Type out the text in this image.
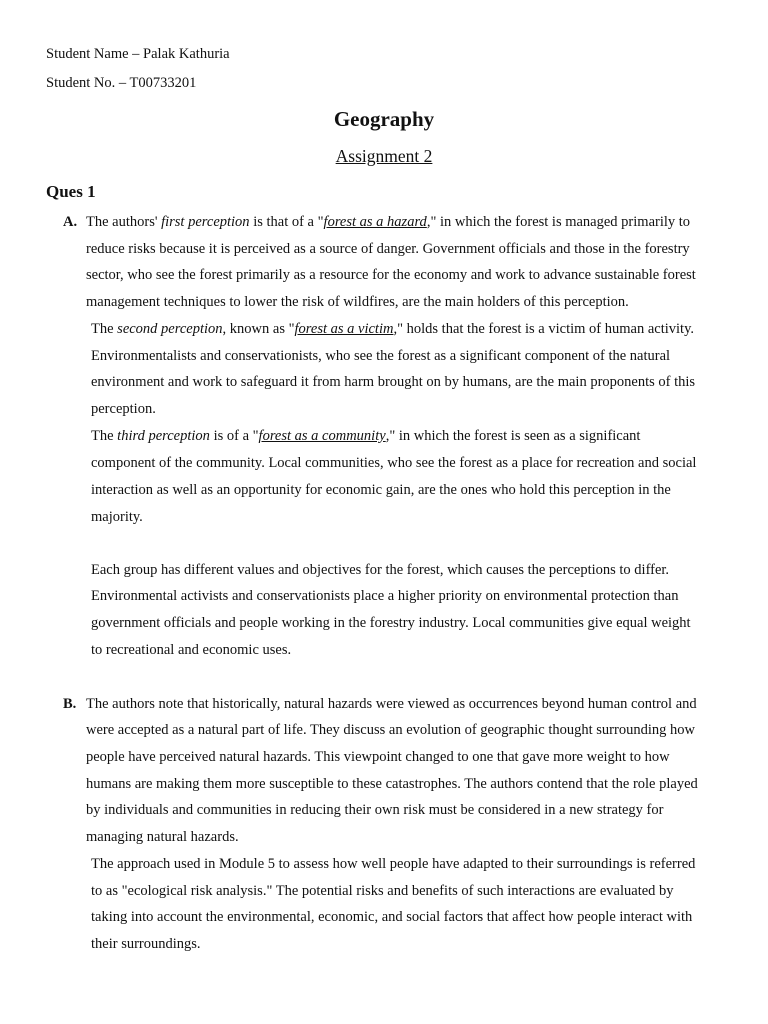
Student Name – Palak Kathuria
Student No. – T00733201
Geography
Assignment 2
Ques 1
A. The authors' first perception is that of a "forest as a hazard," in which the forest is managed primarily to
reduce risks because it is perceived as a source of danger. Government officials and those in the forestry
sector, who see the forest primarily as a resource for the economy and work to advance sustainable forest
management techniques to lower the risk of wildfires, are the main holders of this perception.
The second perception, known as "forest as a victim," holds that the forest is a victim of human activity.
Environmentalists and conservationists, who see the forest as a significant component of the natural
environment and work to safeguard it from harm brought on by humans, are the main proponents of this
perception.
The third perception is of a "forest as a community," in which the forest is seen as a significant
component of the community. Local communities, who see the forest as a place for recreation and social
interaction as well as an opportunity for economic gain, are the ones who hold this perception in the
majority.
Each group has different values and objectives for the forest, which causes the perceptions to differ.
Environmental activists and conservationists place a higher priority on environmental protection than
government officials and people working in the forestry industry. Local communities give equal weight
to recreational and economic uses.
B. The authors note that historically, natural hazards were viewed as occurrences beyond human control and
were accepted as a natural part of life. They discuss an evolution of geographic thought surrounding how
people have perceived natural hazards. This viewpoint changed to one that gave more weight to how
humans are making them more susceptible to these catastrophes. The authors contend that the role played
by individuals and communities in reducing their own risk must be considered in a new strategy for
managing natural hazards.
The approach used in Module 5 to assess how well people have adapted to their surroundings is referred
to as "ecological risk analysis." The potential risks and benefits of such interactions are evaluated by
taking into account the environmental, economic, and social factors that affect how people interact with
their surroundings.
